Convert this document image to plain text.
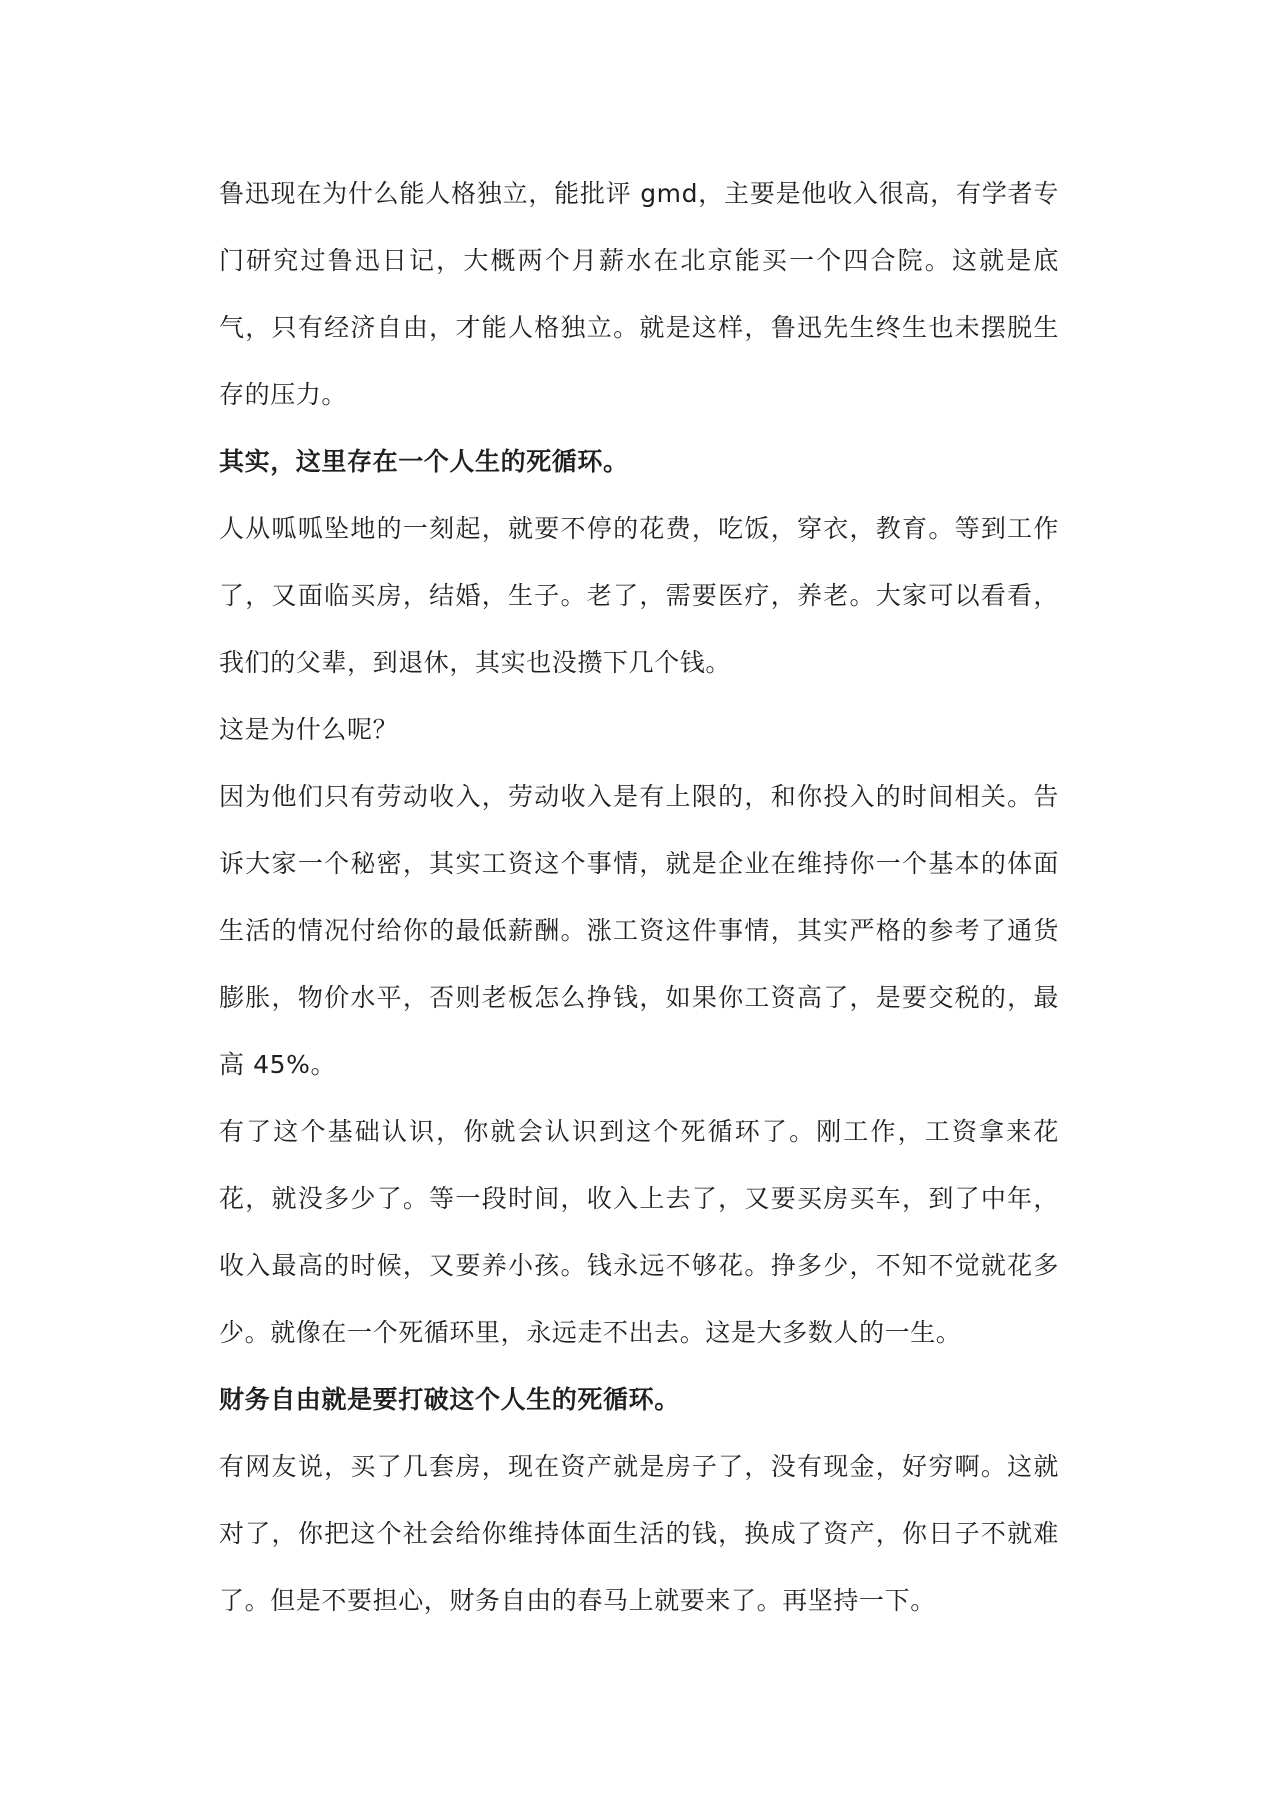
鲁迅现在为什么能人格独立，能批评 gmd，主要是他收入很高，有学者专门研究过鲁迅日记，大概两个月薪水在北京能买一个四合院。这就是底气，只有经济自由，才能人格独立。就是这样，鲁迅先生终生也未摆脱生存的压力。

其实，这里存在一个人生的死循环。

人从呱呱坠地的一刻起，就要不停的花费，吃饭，穿衣，教育。等到工作了，又面临买房，结婚，生子。老了，需要医疗，养老。大家可以看看，我们的父辈，到退休，其实也没攒下几个钱。

这是为什么呢？

因为他们只有劳动收入，劳动收入是有上限的，和你投入的时间相关。告诉大家一个秘密，其实工资这个事情，就是企业在维持你一个基本的体面生活的情况付给你的最低薪酬。涨工资这件事情，其实严格的参考了通货膨胀，物价水平，否则老板怎么挣钱，如果你工资高了，是要交税的，最高 45%。

有了这个基础认识，你就会认识到这个死循环了。刚工作，工资拿来花花，就没多少了。等一段时间，收入上去了，又要买房买车，到了中年，收入最高的时候，又要养小孩。钱永远不够花。挣多少，不知不觉就花多少。就像在一个死循环里，永远走不出去。这是大多数人的一生。

财务自由就是要打破这个人生的死循环。

有网友说，买了几套房，现在资产就是房子了，没有现金，好穷啊。这就对了，你把这个社会给你维持体面生活的钱，换成了资产，你日子不就难了。但是不要担心，财务自由的春马上就要来了。再坚持一下。
